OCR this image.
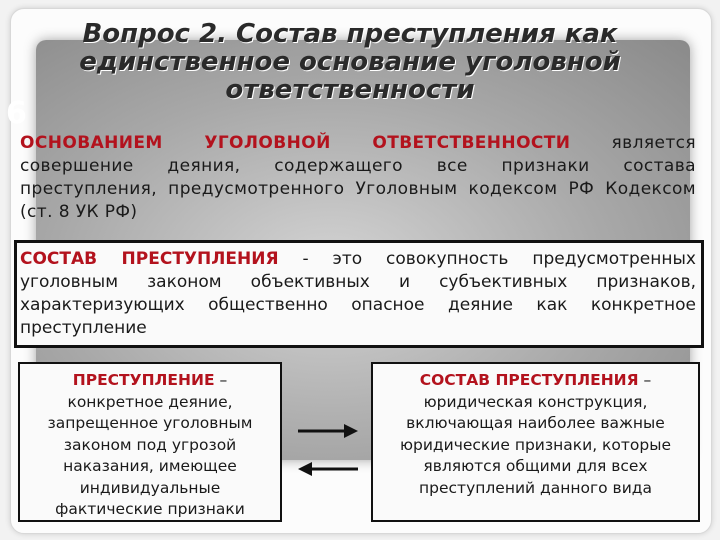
6
Вопрос 2. Состав преступления как
единственное основание уголовной
ответственности
ОСНОВАНИЕМ УГОЛОВНОЙ ОТВЕТСТВЕННОСТИ является совершение деяния, содержащего все признаки состава преступления, предусмотренного Уголовным кодексом РФ Кодексом (ст. 8 УК РФ)
СОСТАВ ПРЕСТУПЛЕНИЯ - это совокупность предусмотренных уголовным законом объективных и субъективных признаков, характеризующих общественно опасное деяние как конкретное преступление
ПРЕСТУПЛЕНИЕ –
конкретное деяние,
запрещенное уголовным
законом под угрозой
наказания, имеющее
индивидуальные
фактические признаки
СОСТАВ ПРЕСТУПЛЕНИЯ –
юридическая конструкция,
включающая наиболее важные
юридические признаки, которые
являются общими для всех
преступлений данного вида
